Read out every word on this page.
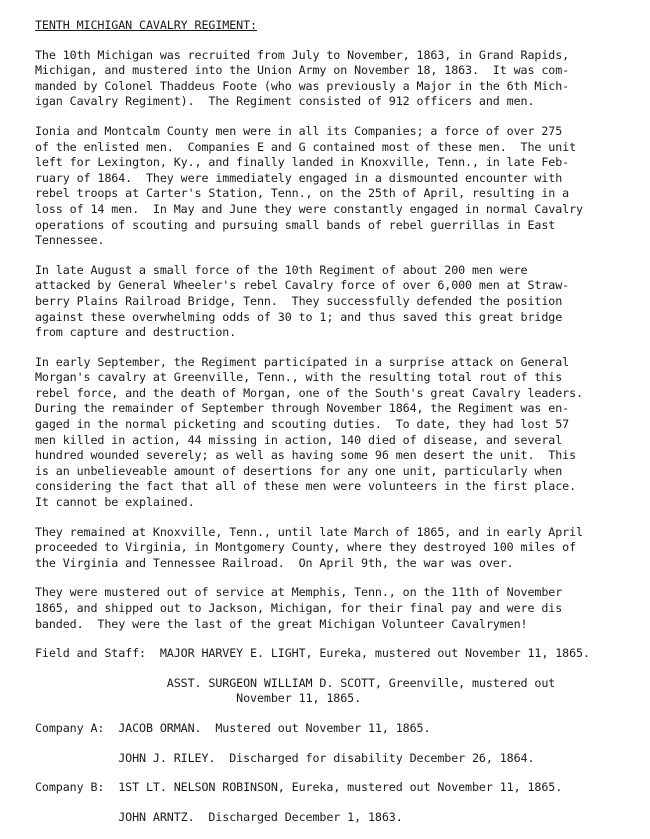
TENTH MICHIGAN CAVALRY REGIMENT:
The 10th Michigan was recruited from July to November, 1863, in Grand Rapids,
Michigan, and mustered into the Union Army on November 18, 1863.  It was com-
manded by Colonel Thaddeus Foote (who was previously a Major in the 6th Mich-
igan Cavalry Regiment).  The Regiment consisted of 912 officers and men.
Ionia and Montcalm County men were in all its Companies; a force of over 275
of the enlisted men.  Companies E and G contained most of these men.  The unit
left for Lexington, Ky., and finally landed in Knoxville, Tenn., in late Feb-
ruary of 1864.  They were immediately engaged in a dismounted encounter with
rebel troops at Carter's Station, Tenn., on the 25th of April, resulting in a
loss of 14 men.  In May and June they were constantly engaged in normal Cavalry
operations of scouting and pursuing small bands of rebel guerrillas in East
Tennessee.
In late August a small force of the 10th Regiment of about 200 men were
attacked by General Wheeler's rebel Cavalry force of over 6,000 men at Straw-
berry Plains Railroad Bridge, Tenn.  They successfully defended the position
against these overwhelming odds of 30 to 1; and thus saved this great bridge
from capture and destruction.
In early September, the Regiment participated in a surprise attack on General
Morgan's cavalry at Greenville, Tenn., with the resulting total rout of this
rebel force, and the death of Morgan, one of the South's great Cavalry leaders.
During the remainder of September through November 1864, the Regiment was en-
gaged in the normal picketing and scouting duties.  To date, they had lost 57
men killed in action, 44 missing in action, 140 died of disease, and several
hundred wounded severely; as well as having some 96 men desert the unit.  This
is an unbelieveable amount of desertions for any one unit, particularly when
considering the fact that all of these men were volunteers in the first place.
It cannot be explained.
They remained at Knoxville, Tenn., until late March of 1865, and in early April
proceeded to Virginia, in Montgomery County, where they destroyed 100 miles of
the Virginia and Tennessee Railroad.  On April 9th, the war was over.
They were mustered out of service at Memphis, Tenn., on the 11th of November
1865, and shipped out to Jackson, Michigan, for their final pay and were dis
banded.  They were the last of the great Michigan Volunteer Cavalrymen!
Field and Staff:  MAJOR HARVEY E. LIGHT, Eureka, mustered out November 11, 1865.
ASST. SURGEON WILLIAM D. SCOTT, Greenville, mustered out
November 11, 1865.
Company A:  JACOB ORMAN.  Mustered out November 11, 1865.
JOHN J. RILEY.  Discharged for disability December 26, 1864.
Company B:  1ST LT. NELSON ROBINSON, Eureka, mustered out November 11, 1865.
JOHN ARNTZ.  Discharged December 1, 1863.
